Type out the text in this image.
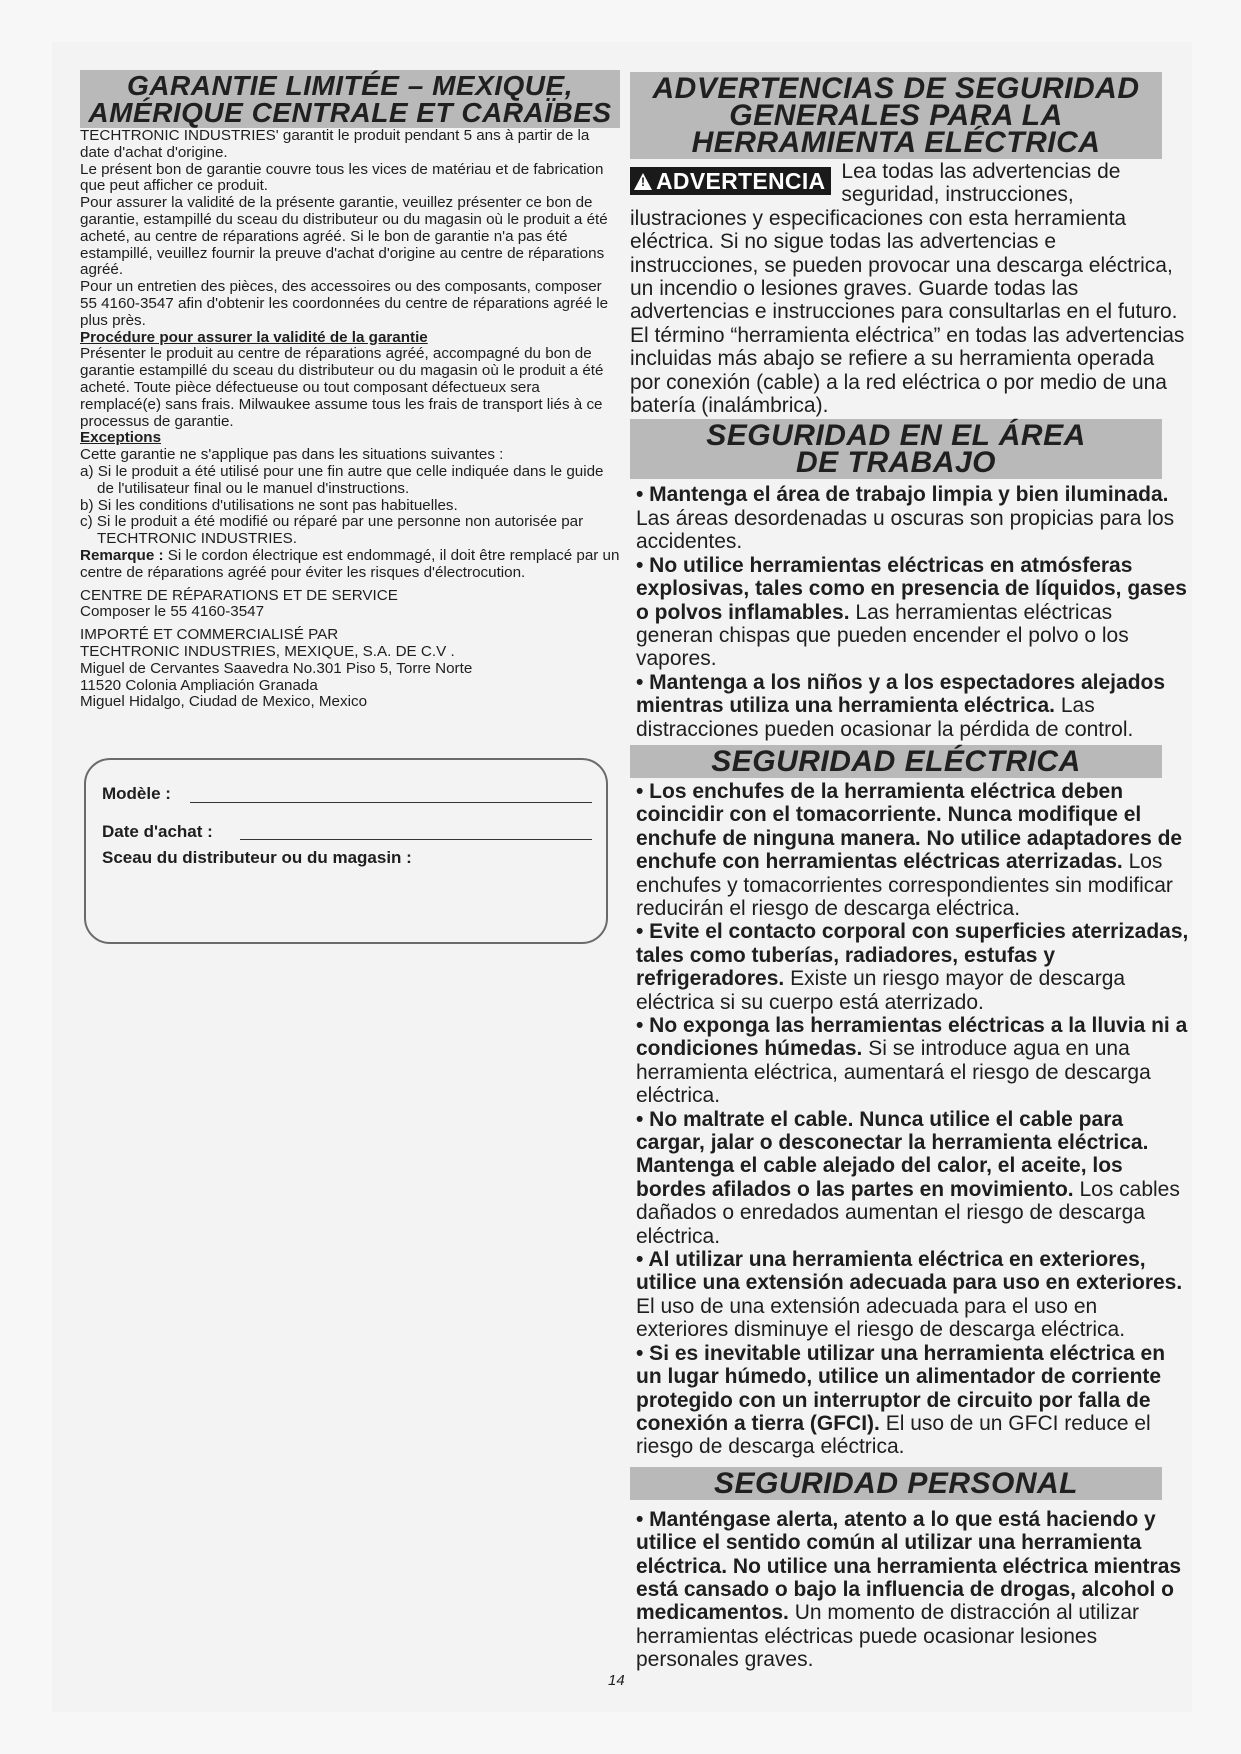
GARANTIE LIMITÉE – MEXIQUE,
AMÉRIQUE CENTRALE ET CARAÏBES

TECHTRONIC INDUSTRIES' garantit le produit pendant 5 ans à partir de la date d'achat d'origine.

Le présent bon de garantie couvre tous les vices de matériau et de fabrication que peut afficher ce produit.

Pour assurer la validité de la présente garantie, veuillez présenter ce bon de garantie, estampillé du sceau du distributeur ou du magasin où le produit a été acheté, au centre de réparations agréé. Si le bon de garantie n'a pas été estampillé, veuillez fournir la preuve d'achat d'origine au centre de réparations agréé.

Pour un entretien des pièces, des accessoires ou des composants, composer 55 4160-3547 afin d'obtenir les coordonnées du centre de réparations agréé le plus près.

Procédure pour assurer la validité de la garantie

Présenter le produit au centre de réparations agréé, accompagné du bon de garantie estampillé du sceau du distributeur ou du magasin où le produit a été acheté. Toute pièce défectueuse ou tout composant défectueux sera remplacé(e) sans frais. Milwaukee assume tous les frais de transport liés à ce processus de garantie.

Exceptions

Cette garantie ne s'applique pas dans les situations suivantes :

a) Si le produit a été utilisé pour une fin autre que celle indiquée dans le guide de l'utilisateur final ou le manuel d'instructions.

b) Si les conditions d'utilisations ne sont pas habituelles.

c) Si le produit a été modifié ou réparé par une personne non autorisée par TECHTRONIC INDUSTRIES.

Remarque : Si le cordon électrique est endommagé, il doit être remplacé par un centre de réparations agréé pour éviter les risques d'électrocution.

CENTRE DE RÉPARATIONS ET DE SERVICE

Composer le 55 4160-3547

IMPORTÉ ET COMMERCIALISÉ PAR

TECHTRONIC INDUSTRIES, MEXIQUE, S.A. DE C.V .

Miguel de Cervantes Saavedra No.301 Piso 5, Torre Norte

11520 Colonia Ampliación Granada

Miguel Hidalgo, Ciudad de Mexico, Mexico

Modèle :
Date d'achat :
Sceau du distributeur ou du magasin :
ADVERTENCIAS DE SEGURIDAD
GENERALES PARA LA
HERRAMIENTA ELÉCTRICA
! ADVERTENCIA Lea todas las advertencias de seguridad, instrucciones, ilustraciones y especificaciones con esta herramienta eléctrica. Si no sigue todas las advertencias e instrucciones, se pueden provocar una descarga eléctrica, un incendio o lesiones graves. Guarde todas las advertencias e instrucciones para consultarlas en el futuro. El término “herramienta eléctrica” en todas las advertencias incluidas más abajo se refiere a su herramienta operada por conexión (cable) a la red eléctrica o por medio de una batería (inalámbrica).

SEGURIDAD EN EL ÁREA
DE TRABAJO

• Mantenga el área de trabajo limpia y bien iluminada. Las áreas desordenadas u oscuras son propicias para los accidentes.

• No utilice herramientas eléctricas en atmósferas explosivas, tales como en presencia de líquidos, gases o polvos inflamables. Las herramientas eléctricas generan chispas que pueden encender el polvo o los vapores.

• Mantenga a los niños y a los espectadores alejados mientras utiliza una herramienta eléctrica. Las distracciones pueden ocasionar la pérdida de control.

SEGURIDAD ELÉCTRICA

• Los enchufes de la herramienta eléctrica deben coincidir con el tomacorriente. Nunca modifique el enchufe de ninguna manera. No utilice adaptadores de enchufe con herramientas eléctricas aterrizadas. Los enchufes y tomacorrientes correspondientes sin modificar reducirán el riesgo de descarga eléctrica.

• Evite el contacto corporal con superficies aterrizadas, tales como tuberías, radiadores, estufas y refrigeradores. Existe un riesgo mayor de descarga eléctrica si su cuerpo está aterrizado.

• No exponga las herramientas eléctricas a la lluvia ni a condiciones húmedas. Si se introduce agua en una herramienta eléctrica, aumentará el riesgo de descarga eléctrica.

• No maltrate el cable. Nunca utilice el cable para cargar, jalar o desconectar la herramienta eléctrica. Mantenga el cable alejado del calor, el aceite, los bordes afilados o las partes en movimiento. Los cables dañados o enredados aumentan el riesgo de descarga eléctrica.

• Al utilizar una herramienta eléctrica en exteriores, utilice una extensión adecuada para uso en exteriores. El uso de una extensión adecuada para el uso en exteriores disminuye el riesgo de descarga eléctrica.

• Si es inevitable utilizar una herramienta eléctrica en un lugar húmedo, utilice un alimentador de corriente protegido con un interruptor de circuito por falla de conexión a tierra (GFCI). El uso de un GFCI reduce el riesgo de descarga eléctrica.

SEGURIDAD PERSONAL

• Manténgase alerta, atento a lo que está haciendo y utilice el sentido común al utilizar una herramienta eléctrica. No utilice una herramienta eléctrica mientras está cansado o bajo la influencia de drogas, alcohol o medicamentos. Un momento de distracción al utilizar herramientas eléctricas puede ocasionar lesiones personales graves.

14
